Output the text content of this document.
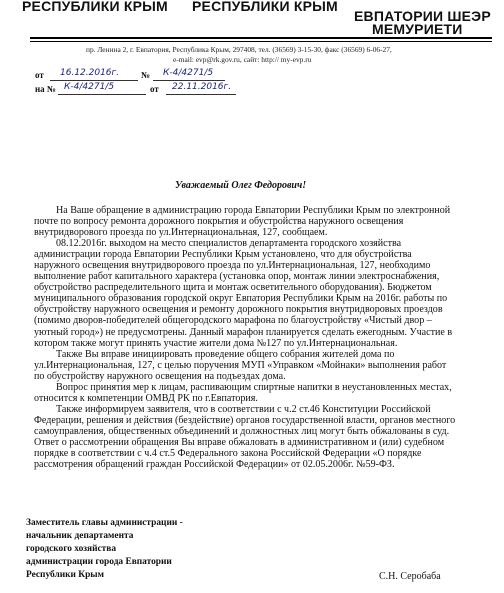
РЕСПУБЛИКИ КРЫМ РЕСПУБЛИКИ КРЫМ
ЕВПАТОРИИ ШЕЭР
МЕМУРИЕТИ
пр. Ленина 2, г. Евпатория, Республика Крым, 297408, тел. (36569) 3-15-30, факс (36569) 6-06-27,
e-mail: evp@rk.gov.ru, сайт: http:// my-evp.ru
от 16.12.2016г. № К-4/4271/5
на № К-4/4271/5	от 22.11.2016г.
Уважаемый Олег Федорович!
На Ваше обращение в администрацию города Евпатории Республики Крым по электронной
почте по вопросу ремонта дорожного покрытия и обустройства наружного освещения
внутридворового проезда по ул.Интернациональная, 127, сообщаем.
08.12.2016г. выходом на место специалистов департамента городского хозяйства
администрации города Евпатории Республики Крым установлено, что для обустройства
наружного освещения внутридворового проезда по ул.Интернациональная, 127, необходимо
выполнение работ капитального характера (установка опор, монтаж линии электроснабжения,
обустройство распределительного щита и монтаж осветительного оборудования). Бюджетом
муниципального образования городской округ Евпатория Республики Крым на 2016г. работы по
обустройству наружного освещения и ремонту дорожного покрытия внутридворовых проездов
(помимо дворов-победителей общегородского марафона по благоустройству «Чистый двор –
уютный город») не предусмотрены. Данный марафон планируется сделать ежегодным. Участие в
котором также могут принять участие жители дома №127 по ул.Интернациональная.
Также Вы вправе инициировать проведение общего собрания жителей дома по
ул.Интернациональная, 127, с целью поручения МУП «Управком «Мойнаки» выполнения работ
по обустройству наружного освещения на подъездах дома.
Вопрос принятия мер к лицам, распивающим спиртные напитки в неустановленных местах,
относится к компетенции ОМВД РК по г.Евпатория.
Также информируем заявителя, что в соответствии с ч.2 ст.46 Конституции Российской
Федерации, решения и действия (бездействие) органов государственной власти, органов местного
самоуправления, общественных объединений и должностных лиц могут быть обжалованы в суд.
Ответ о рассмотрении обращения Вы вправе обжаловать в административном и (или) судебном
порядке в соответствии с ч.4 ст.5 Федерального закона Российской Федерации «О порядке
рассмотрения обращений граждан Российской Федерации» от 02.05.2006г. №59-ФЗ.
Заместитель главы администрации -
начальник департамента
городского хозяйства
администрации города Евпатории
Республики Крым	С.Н. Серобаба
